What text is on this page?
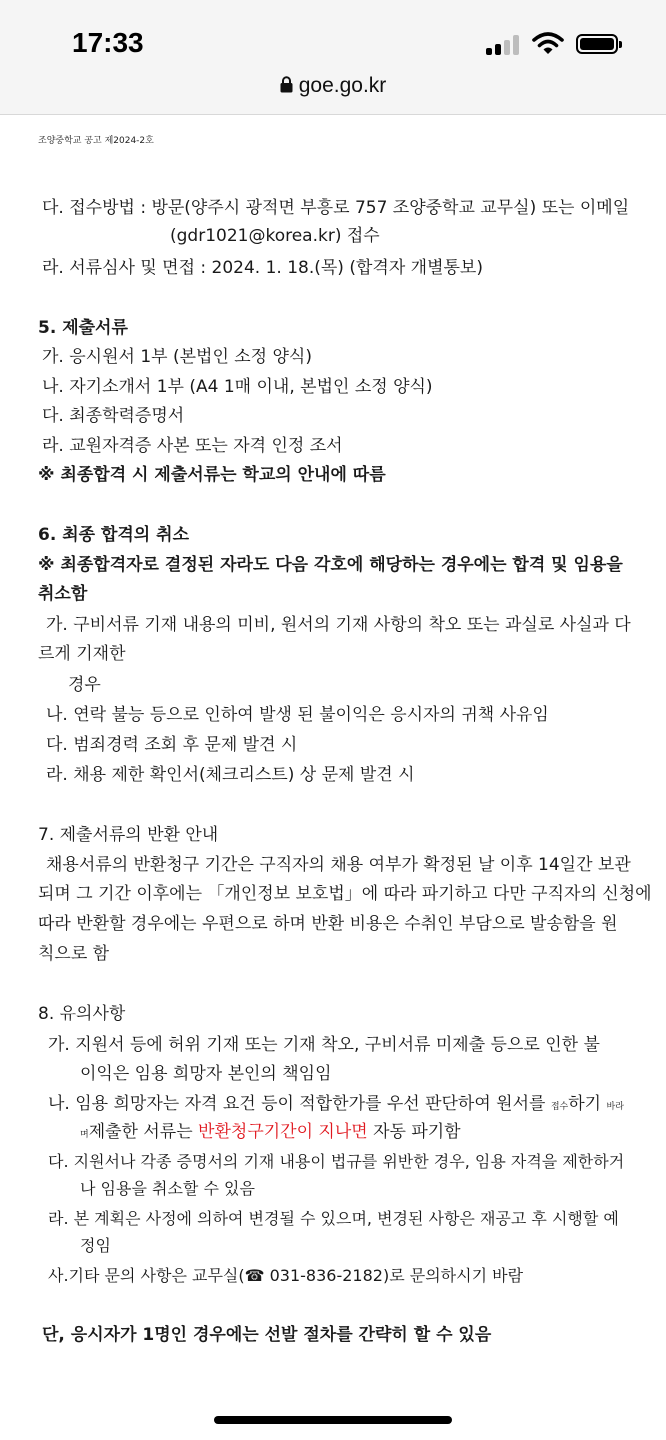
17:33
goe.go.kr
조양중학교 공고 제2024-2호
다. 접수방법 : 방문(양주시 광적면 부흥로 757 조양중학교 교무실) 또는 이메일
(gdr1021@korea.kr) 접수
라. 서류심사 및 면접 : 2024. 1. 18.(목) (합격자 개별통보)
5. 제출서류
가. 응시원서 1부 (본법인 소정 양식)
나. 자기소개서 1부 (A4 1매 이내, 본법인 소정 양식)
다. 최종학력증명서
라. 교원자격증 사본 또는 자격 인정 조서
※ 최종합격 시 제출서류는 학교의 안내에 따름
6. 최종 합격의 취소
※ 최종합격자로 결정된 자라도 다음 각호에 해당하는 경우에는 합격 및 임용을
취소함
가. 구비서류 기재 내용의 미비, 원서의 기재 사항의 착오 또는 과실로 사실과 다
르게 기재한
경우
나. 연락 불능 등으로 인하여 발생 된 불이익은 응시자의 귀책 사유임
다. 범죄경력 조회 후 문제 발견 시
라. 채용 제한 확인서(체크리스트) 상 문제 발견 시
7. 제출서류의 반환 안내
채용서류의 반환청구 기간은 구직자의 채용 여부가 확정된 날 이후 14일간 보관
되며 그 기간 이후에는 「개인정보 보호법」에 따라 파기하고 다만 구직자의 신청에
따라 반환할 경우에는 우편으로 하며 반환 비용은 수취인 부담으로 발송함을 원
칙으로 함
8. 유의사항
가. 지원서 등에 허위 기재 또는 기재 착오, 구비서류 미제출 등으로 인한 불
이익은 임용 희망자 본인의 책임임
나. 임용 희망자는 자격 요건 등이 적합한가를 우선 판단하여 원서를 접수하기 바라
며제출한 서류는 반환청구기간이 지나면 자동 파기함
다. 지원서나 각종 증명서의 기재 내용이 법규를 위반한 경우, 임용 자격을 제한하거
나 임용을 취소할 수 있음
라. 본 계획은 사정에 의하여 변경될 수 있으며, 변경된 사항은 재공고 후 시행할 예
정임
사.기타 문의 사항은 교무실(☎ 031-836-2182)로 문의하시기 바람
단, 응시자가 1명인 경우에는 선발 절차를 간략히 할 수 있음
